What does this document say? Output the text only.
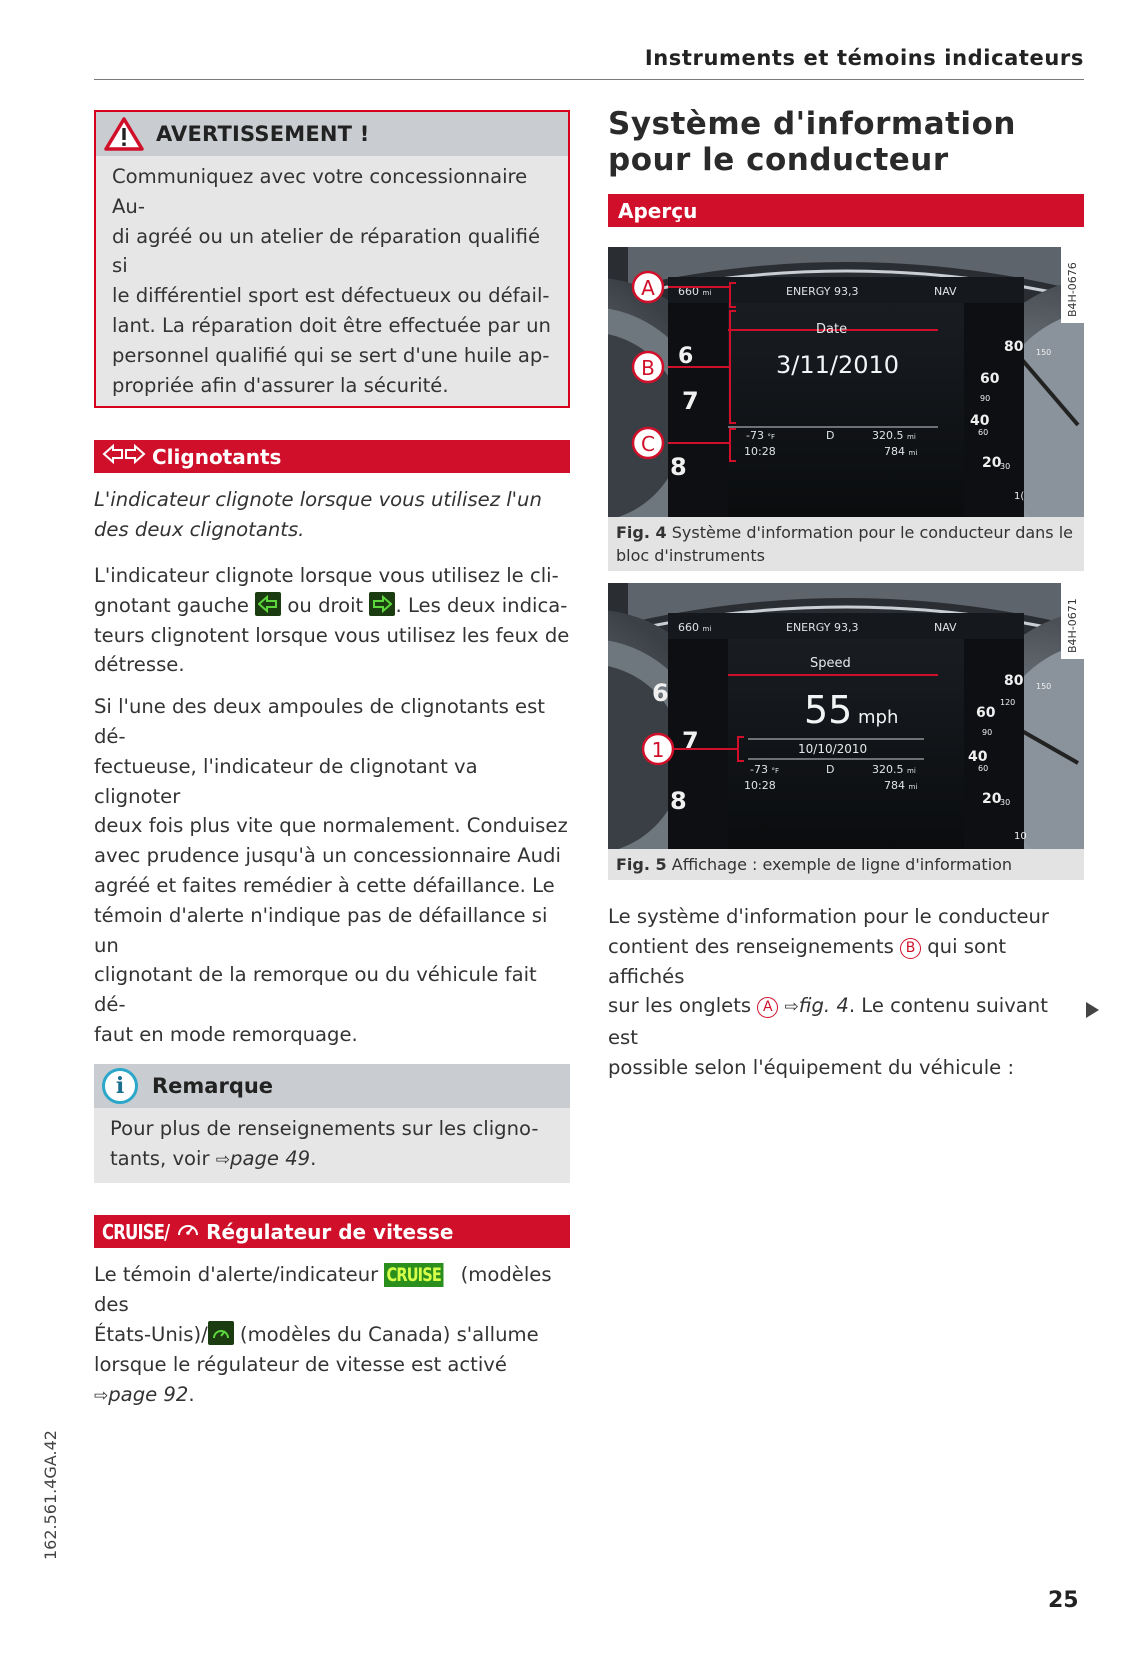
Instruments et témoins indicateurs
162.561.4GA.42
25
AVERTISSEMENT !

Communiquez avec votre concessionnaire Au-
di agréé ou un atelier de réparation qualifié si
le différentiel sport est défectueux ou défail-
lant. La réparation doit être effectuée par un
personnel qualifié qui se sert d'une huile ap-
propriée afin d'assurer la sécurité.

Clignotants

L'indicateur clignote lorsque vous utilisez l'un
des deux clignotants.

L'indicateur clignote lorsque vous utilisez le cli-
gnotant gauche
ou droit
. Les deux indica-
teurs clignotent lorsque vous utilisez les feux de
détresse.

Si l'une des deux ampoules de clignotants est dé-
fectueuse, l'indicateur de clignotant va clignoter
deux fois plus vite que normalement. Conduisez
avec prudence jusqu'à un concessionnaire Audi
agréé et faites remédier à cette défaillance. Le
témoin d'alerte n'indique pas de défaillance si un
clignotant de la remorque ou du véhicule fait dé-
faut en mode remorquage.

i	Remarque
Pour plus de renseignements sur les cligno-
tants, voir ⇨page 49.
CRUISE/ Régulateur de vitesse

Le témoin d'alerte/indicateur CRUISE (modèles des
États-Unis)/
(modèles du Canada) s'allume
lorsque le régulateur de vitesse est activé
⇨page 92.

Système d'information
pour le conducteur
Aperçu
660 mi	ENERGY 93,3	NAV
Date
3/11/2010
-73 °F
10:28
D	320.5 mi
784 mi
7
8
6	80
60
40
20
150
90
60
30
1(
A
B
C
B4H-0676
Fig. 4 Système d'information pour le conducteur dans le
bloc d'instruments
660 mi	ENERGY 93,3	NAV
Speed
55 mph
10/10/2010
-73 °F
10:28
D	320.5 mi
784 mi
6
7
8
80
60
40
20
150
120
90
60
30
10
1
B4H-0671
Fig. 5 Affichage : exemple de ligne d'information

Le système d'information pour le conducteur
contient des renseignements B qui sont affichés
sur les onglets A ⇨fig. 4. Le contenu suivant est
possible selon l'équipement du véhicule :
